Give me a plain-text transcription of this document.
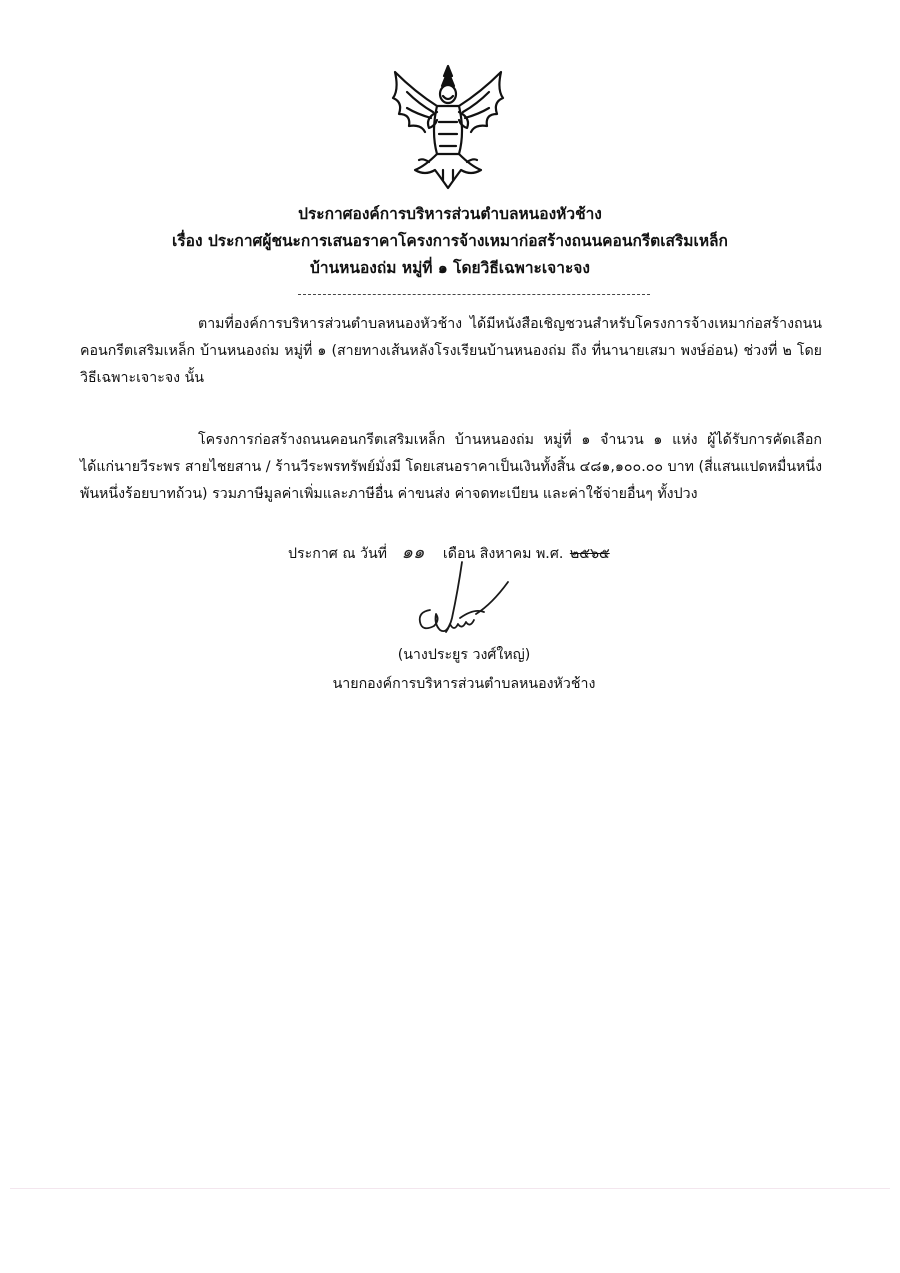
ประกาศองค์การบริหารส่วนตำบลหนองหัวช้าง
เรื่อง ประกาศผู้ชนะการเสนอราคาโครงการจ้างเหมาก่อสร้างถนนคอนกรีตเสริมเหล็ก
บ้านหนองถ่ม หมู่ที่ ๑ โดยวิธีเฉพาะเจาะจง

ตามที่องค์การบริหารส่วนตำบลหนองหัวช้าง ได้มีหนังสือเชิญชวนสำหรับโครงการจ้างเหมาก่อสร้างถนนคอนกรีตเสริมเหล็ก บ้านหนองถ่ม หมู่ที่ ๑ (สายทางเส้นหลังโรงเรียนบ้านหนองถ่ม ถึง ที่นานายเสมา พงษ์อ่อน) ช่วงที่ ๒ โดยวิธีเฉพาะเจาะจง นั้น

โครงการก่อสร้างถนนคอนกรีตเสริมเหล็ก บ้านหนองถ่ม หมู่ที่ ๑ จำนวน ๑ แห่ง ผู้ได้รับการคัดเลือก ได้แก่นายวีระพร สายไชยสาน / ร้านวีระพรทรัพย์มั่งมี โดยเสนอราคาเป็นเงินทั้งสิ้น ๔๘๑,๑๐๐.๐๐ บาท (สี่แสนแปดหมื่นหนึ่งพันหนึ่งร้อยบาทถ้วน) รวมภาษีมูลค่าเพิ่มและภาษีอื่น ค่าขนส่ง ค่าจดทะเบียน และค่าใช้จ่ายอื่นๆ ทั้งปวง

ประกาศ ณ วันที่ ๑๑ เดือน สิงหาคม พ.ศ. ๒๕๖๕
(นางประยูร วงศ์ใหญ่)
นายกองค์การบริหารส่วนตำบลหนองหัวช้าง
